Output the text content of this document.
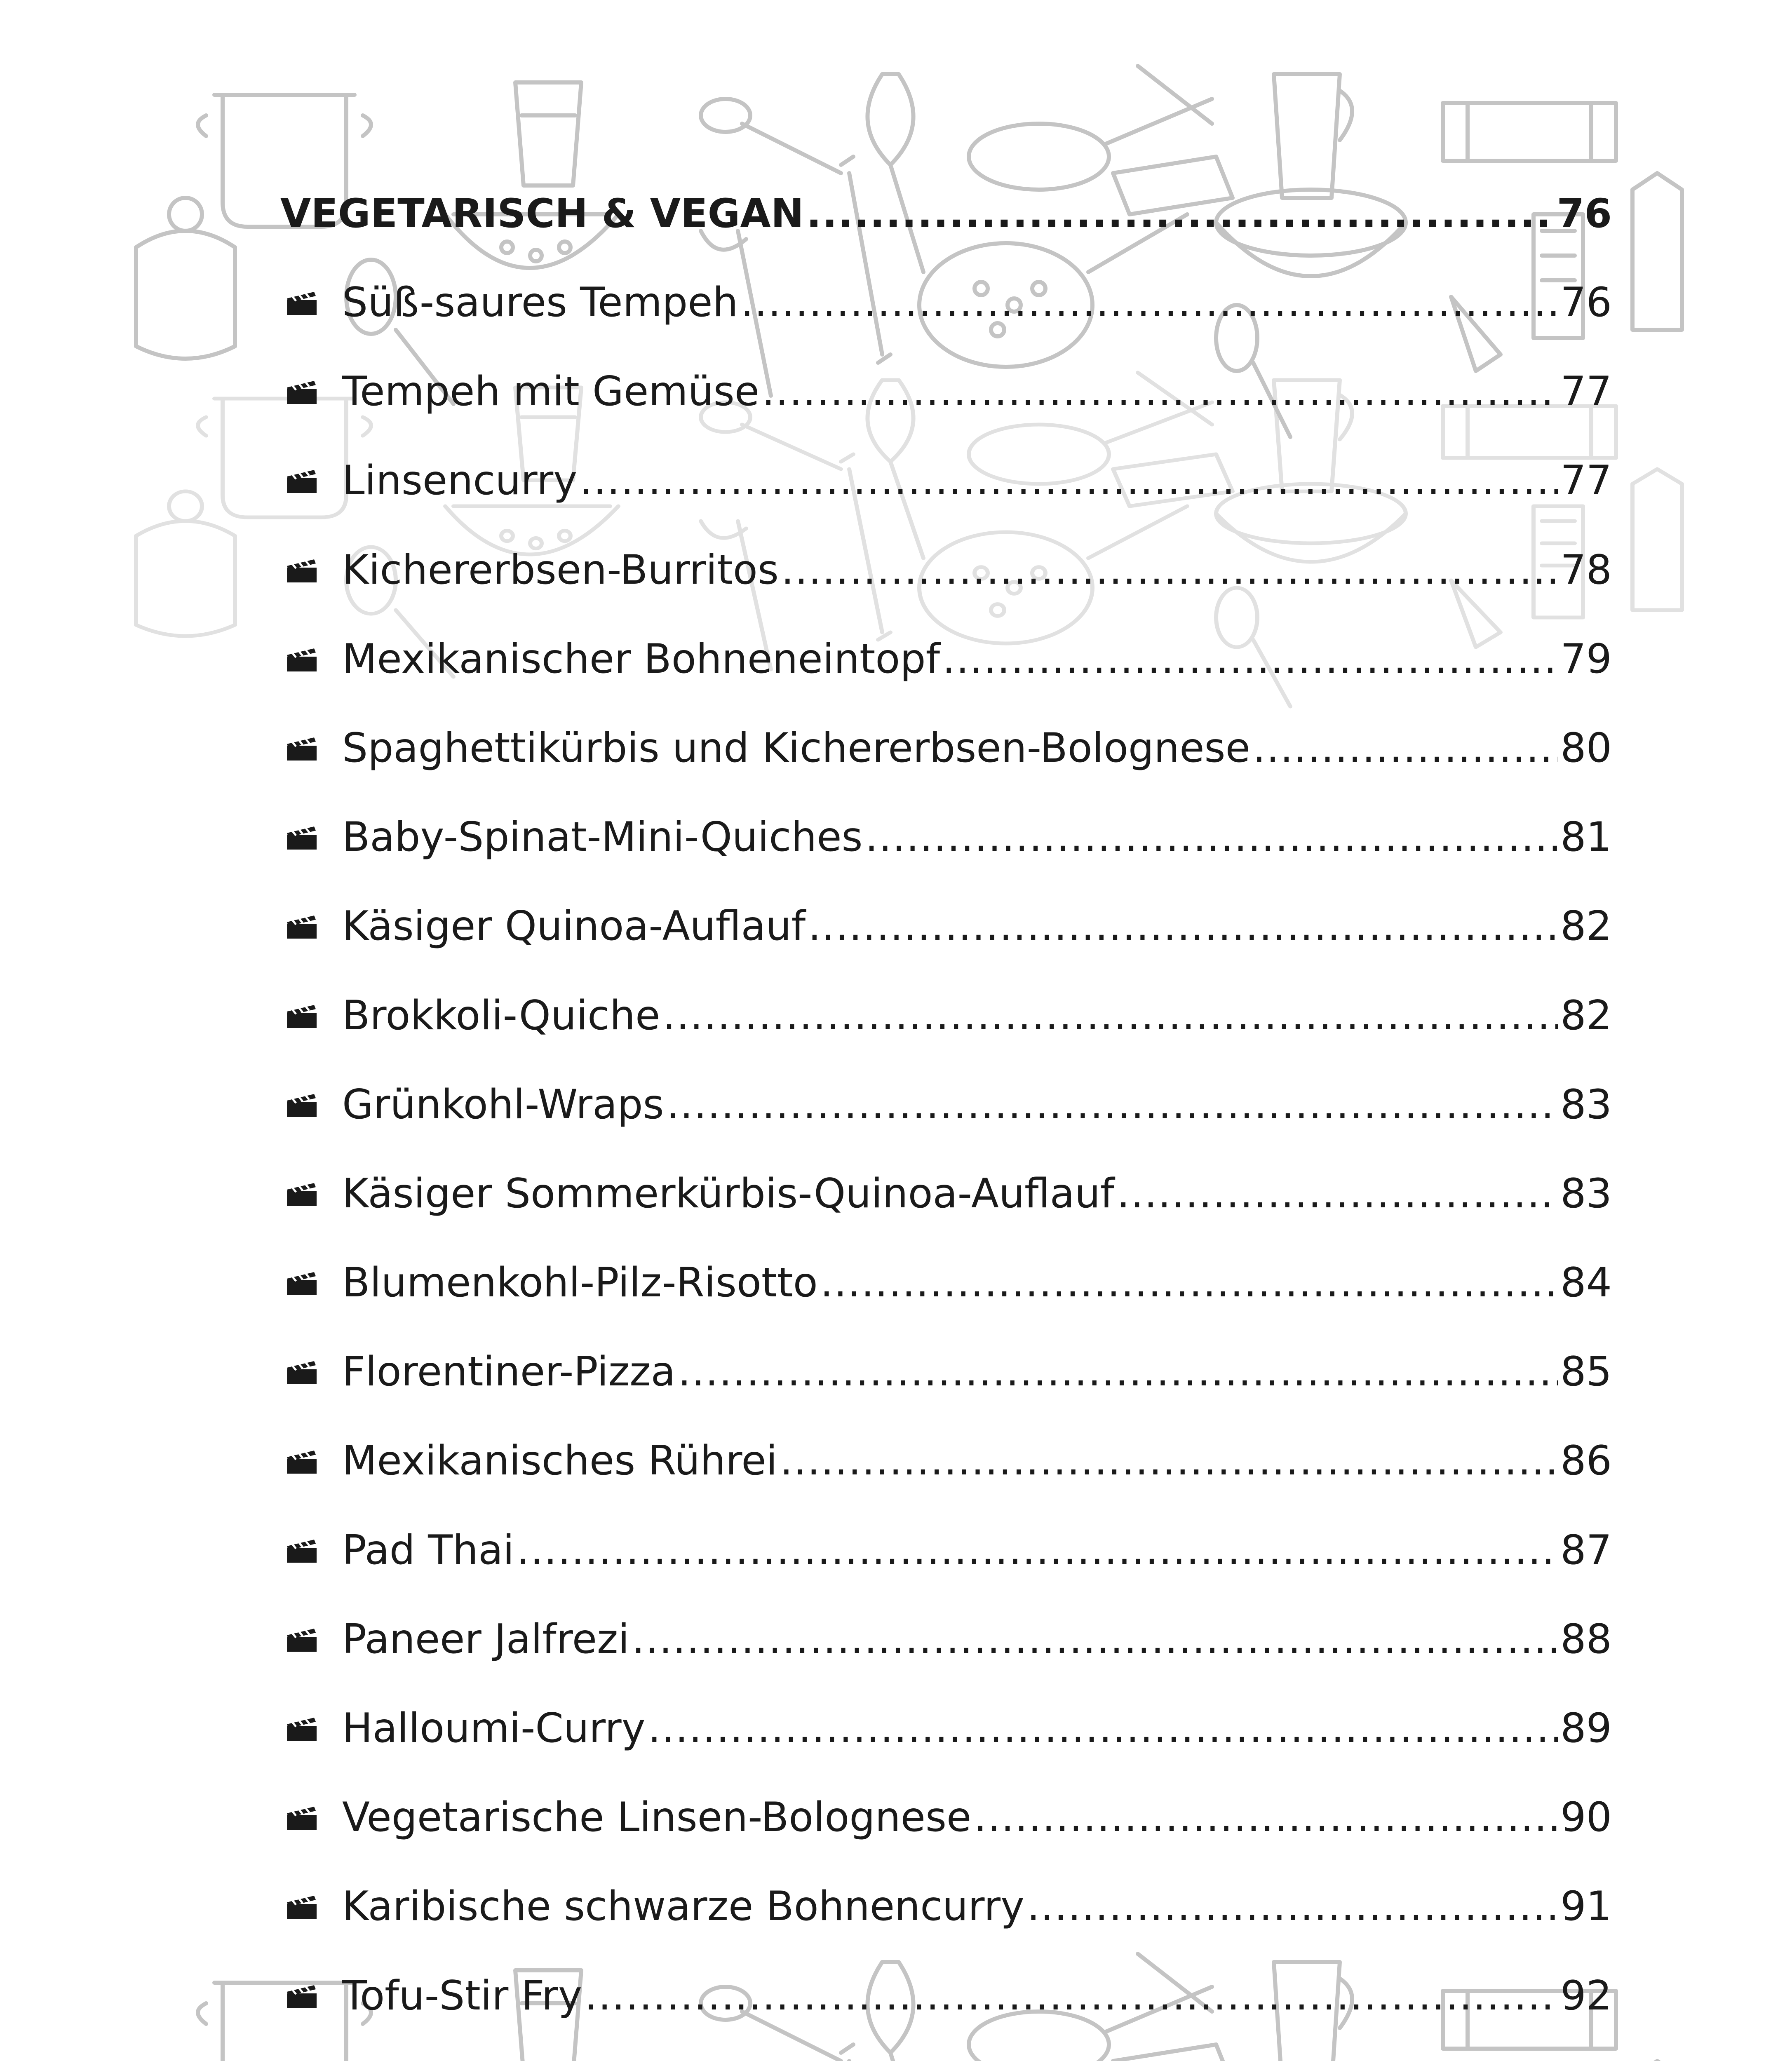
VEGETARISCH & VEGAN .....	76
Süß-saures Tempeh .....	76
Tempeh mit Gemüse .....	77
Linsencurry .....	77
Kichererbsen-Burritos .....	78
Mexikanischer Bohneneintopf .....	79
Spaghettikürbis und Kichererbsen-Bolognese .....	80
Baby-Spinat-Mini-Quiches .....	81
Käsiger Quinoa-Auflauf .....	82
Brokkoli-Quiche .....	82
Grünkohl-Wraps .....	83
Käsiger Sommerkürbis-Quinoa-Auflauf .....	83
Blumenkohl-Pilz-Risotto .....	84
Florentiner-Pizza .....	85
Mexikanisches Rührei .....	86
Pad Thai .....	87
Paneer Jalfrezi .....	88
Halloumi-Curry .....	89
Vegetarische Linsen-Bolognese .....	90
Karibische schwarze Bohnencurry .....	91
Tofu-Stir Fry .....	92
.....
